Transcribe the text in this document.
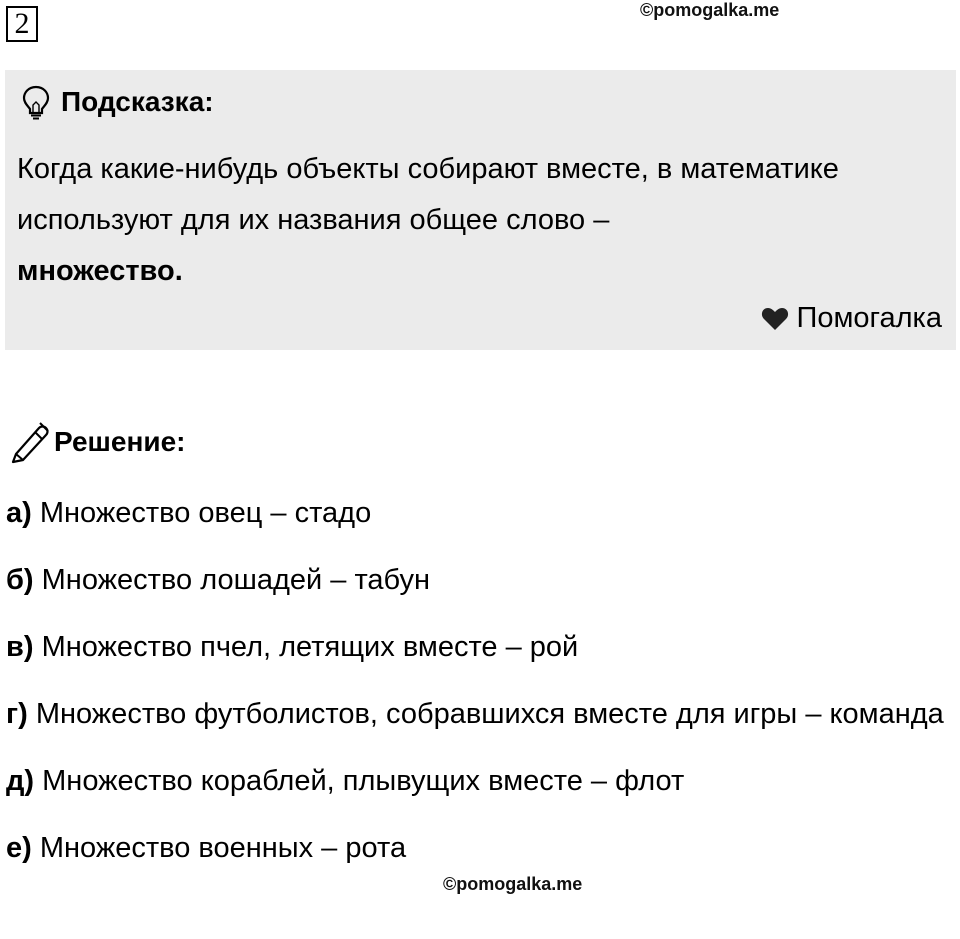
2	©pomogalka.me
Подсказка:
Когда какие-нибудь объекты собирают вместе, в математике используют для их названия общее слово –
множество.
Помогалка
Решение:

а) Множество овец – стадо

б) Множество лошадей – табун

в) Множество пчел, летящих вместе – рой

г) Множество футболистов, собравшихся вместе для игры – команда

д) Множество кораблей, плывущих вместе – флот

е) Множество военных – рота

©pomogalka.me
